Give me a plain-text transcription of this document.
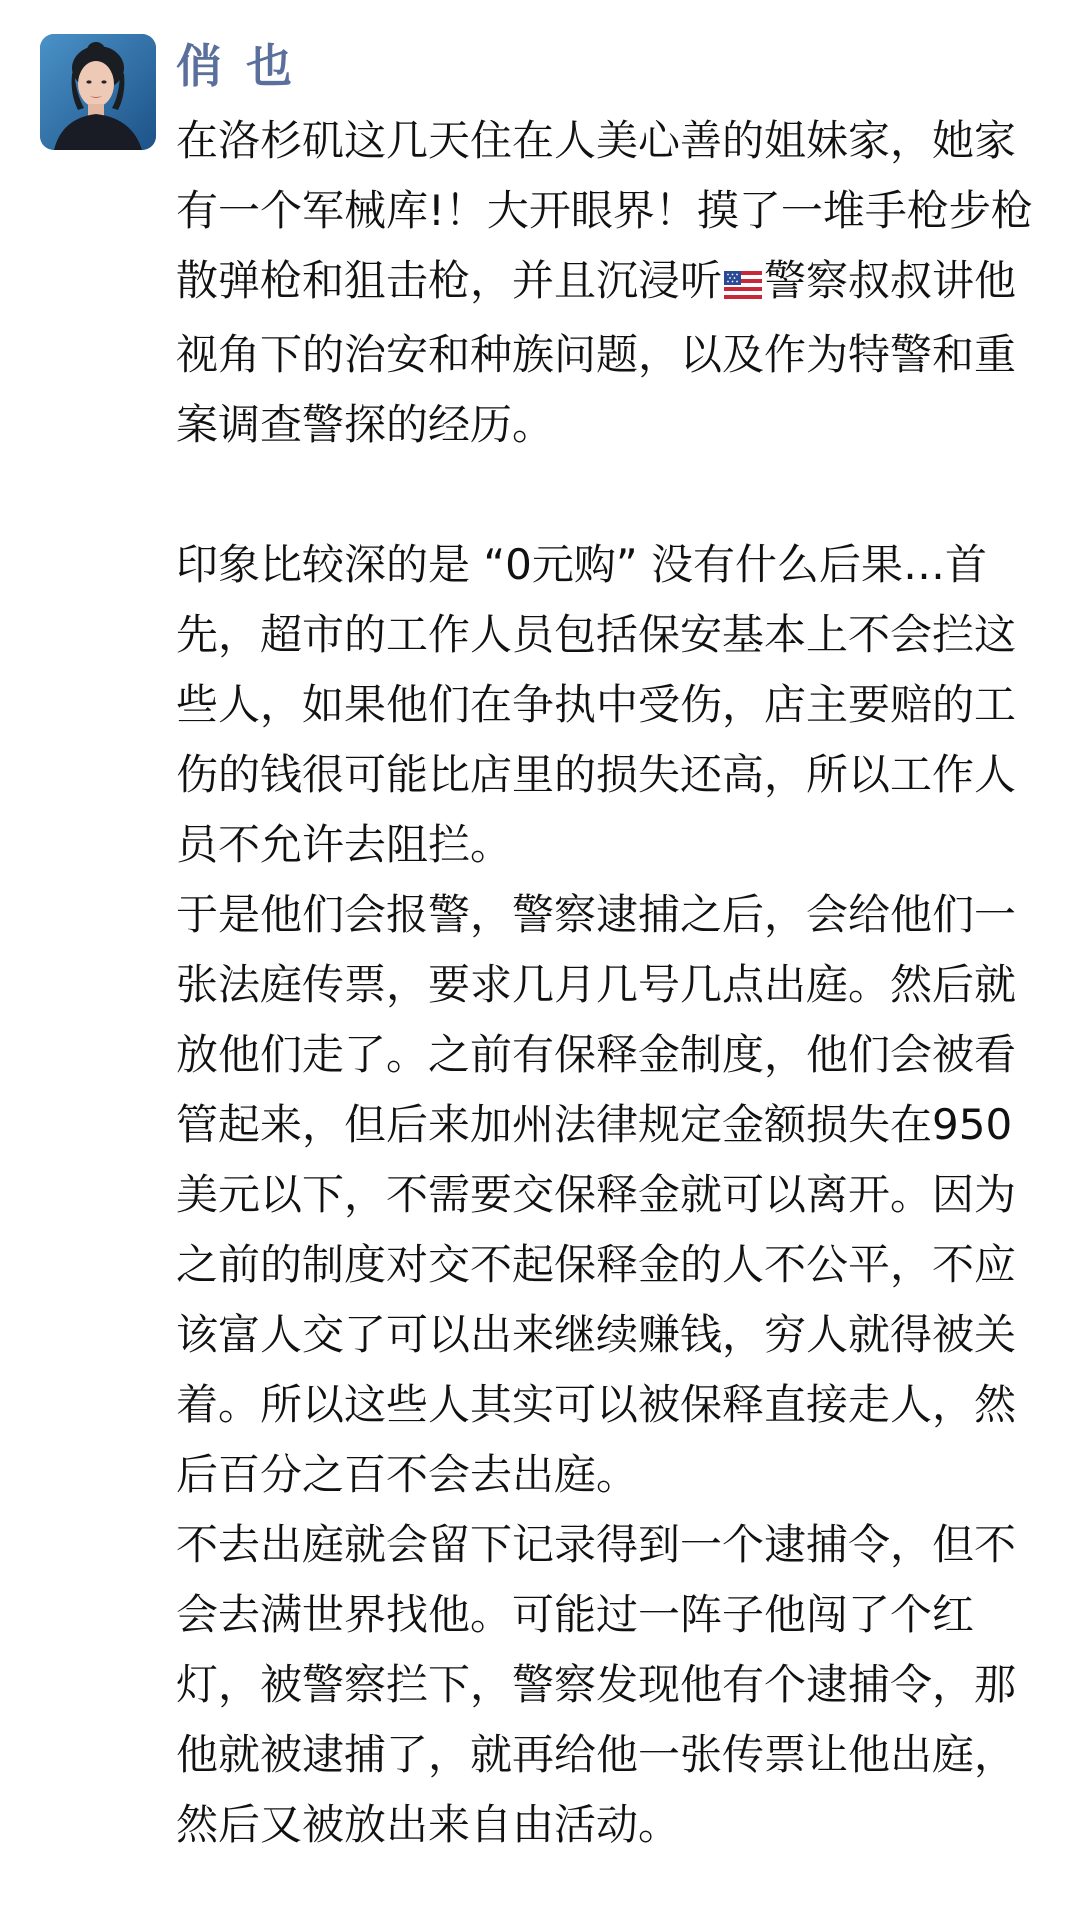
俏 也

在洛杉矶这几天住在人美心善的姐妹家，她家有一个军械库!！大开眼界！摸了一堆手枪步枪散弹枪和狙击枪，并且沉浸听 警察叔叔讲他视角下的治安和种族问题，以及作为特警和重案调查警探的经历。

印象比较深的是 “0元购” 没有什么后果…首先，超市的工作人员包括保安基本上不会拦这些人，如果他们在争执中受伤，店主要赔的工伤的钱很可能比店里的损失还高，所以工作人员不允许去阻拦。

于是他们会报警，警察逮捕之后，会给他们一张法庭传票，要求几月几号几点出庭。然后就放他们走了。之前有保释金制度，他们会被看管起来，但后来加州法律规定金额损失在950美元以下，不需要交保释金就可以离开。因为之前的制度对交不起保释金的人不公平，不应该富人交了可以出来继续赚钱，穷人就得被关着。所以这些人其实可以被保释直接走人，然后百分之百不会去出庭。

不去出庭就会留下记录得到一个逮捕令，但不会去满世界找他。可能过一阵子他闯了个红灯，被警察拦下，警察发现他有个逮捕令，那他就被逮捕了，就再给他一张传票让他出庭，然后又被放出来自由活动。
